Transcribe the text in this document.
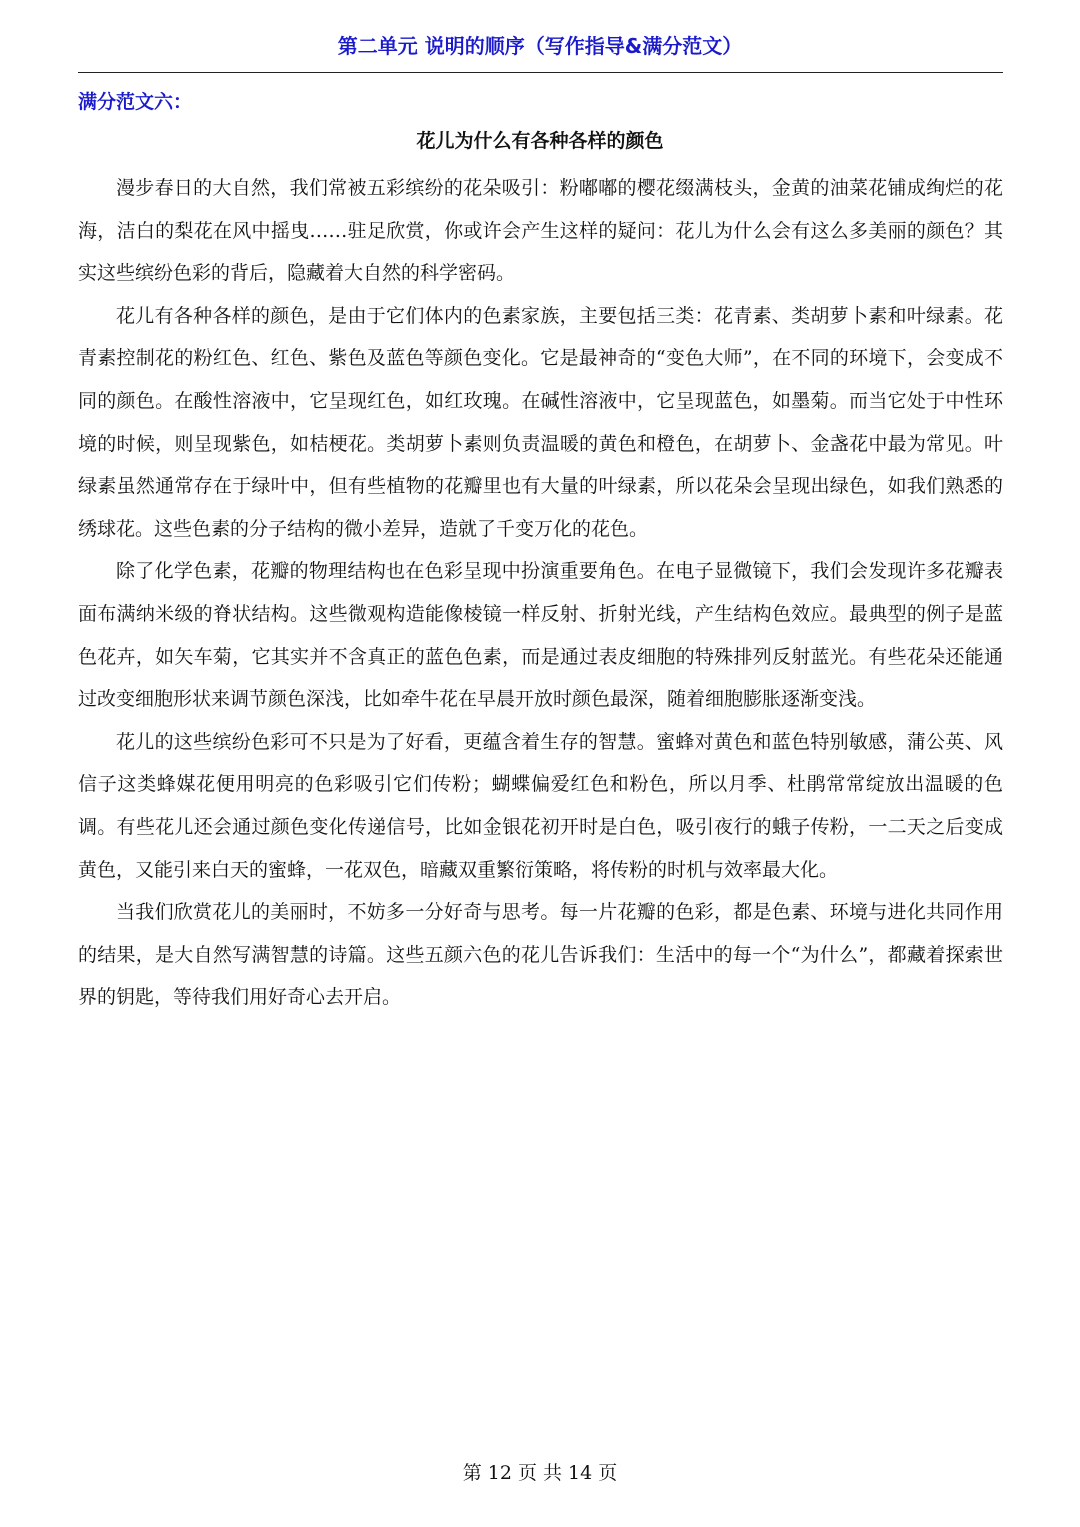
第二单元 说明的顺序（写作指导&满分范文）
满分范文六：
花儿为什么有各种各样的颜色

漫步春日的大自然，我们常被五彩缤纷的花朵吸引：粉嘟嘟的樱花缀满枝头，金黄的油菜花铺成绚烂的花海，洁白的梨花在风中摇曳……驻足欣赏，你或许会产生这样的疑问：花儿为什么会有这么多美丽的颜色？其实这些缤纷色彩的背后，隐藏着大自然的科学密码。

花儿有各种各样的颜色，是由于它们体内的色素家族，主要包括三类：花青素、类胡萝卜素和叶绿素。花青素控制花的粉红色、红色、紫色及蓝色等颜色变化。它是最神奇的“变色大师”，在不同的环境下，会变成不同的颜色。在酸性溶液中，它呈现红色，如红玫瑰。在碱性溶液中，它呈现蓝色，如墨菊。而当它处于中性环境的时候，则呈现紫色，如桔梗花。类胡萝卜素则负责温暖的黄色和橙色，在胡萝卜、金盏花中最为常见。叶绿素虽然通常存在于绿叶中，但有些植物的花瓣里也有大量的叶绿素，所以花朵会呈现出绿色，如我们熟悉的绣球花。这些色素的分子结构的微小差异，造就了千变万化的花色。

除了化学色素，花瓣的物理结构也在色彩呈现中扮演重要角色。在电子显微镜下，我们会发现许多花瓣表面布满纳米级的脊状结构。这些微观构造能像棱镜一样反射、折射光线，产生结构色效应。最典型的例子是蓝色花卉，如矢车菊，它其实并不含真正的蓝色色素，而是通过表皮细胞的特殊排列反射蓝光。有些花朵还能通过改变细胞形状来调节颜色深浅，比如牵牛花在早晨开放时颜色最深，随着细胞膨胀逐渐变浅。

花儿的这些缤纷色彩可不只是为了好看，更蕴含着生存的智慧。蜜蜂对黄色和蓝色特别敏感，蒲公英、风信子这类蜂媒花便用明亮的色彩吸引它们传粉；蝴蝶偏爱红色和粉色，所以月季、杜鹃常常绽放出温暖的色调。有些花儿还会通过颜色变化传递信号，比如金银花初开时是白色，吸引夜行的蛾子传粉，一二天之后变成黄色，又能引来白天的蜜蜂，一花双色，暗藏双重繁衍策略，将传粉的时机与效率最大化。

当我们欣赏花儿的美丽时，不妨多一分好奇与思考。每一片花瓣的色彩，都是色素、环境与进化共同作用的结果，是大自然写满智慧的诗篇。这些五颜六色的花儿告诉我们：生活中的每一个“为什么”，都藏着探索世界的钥匙，等待我们用好奇心去开启。

第 12 页 共 14 页
